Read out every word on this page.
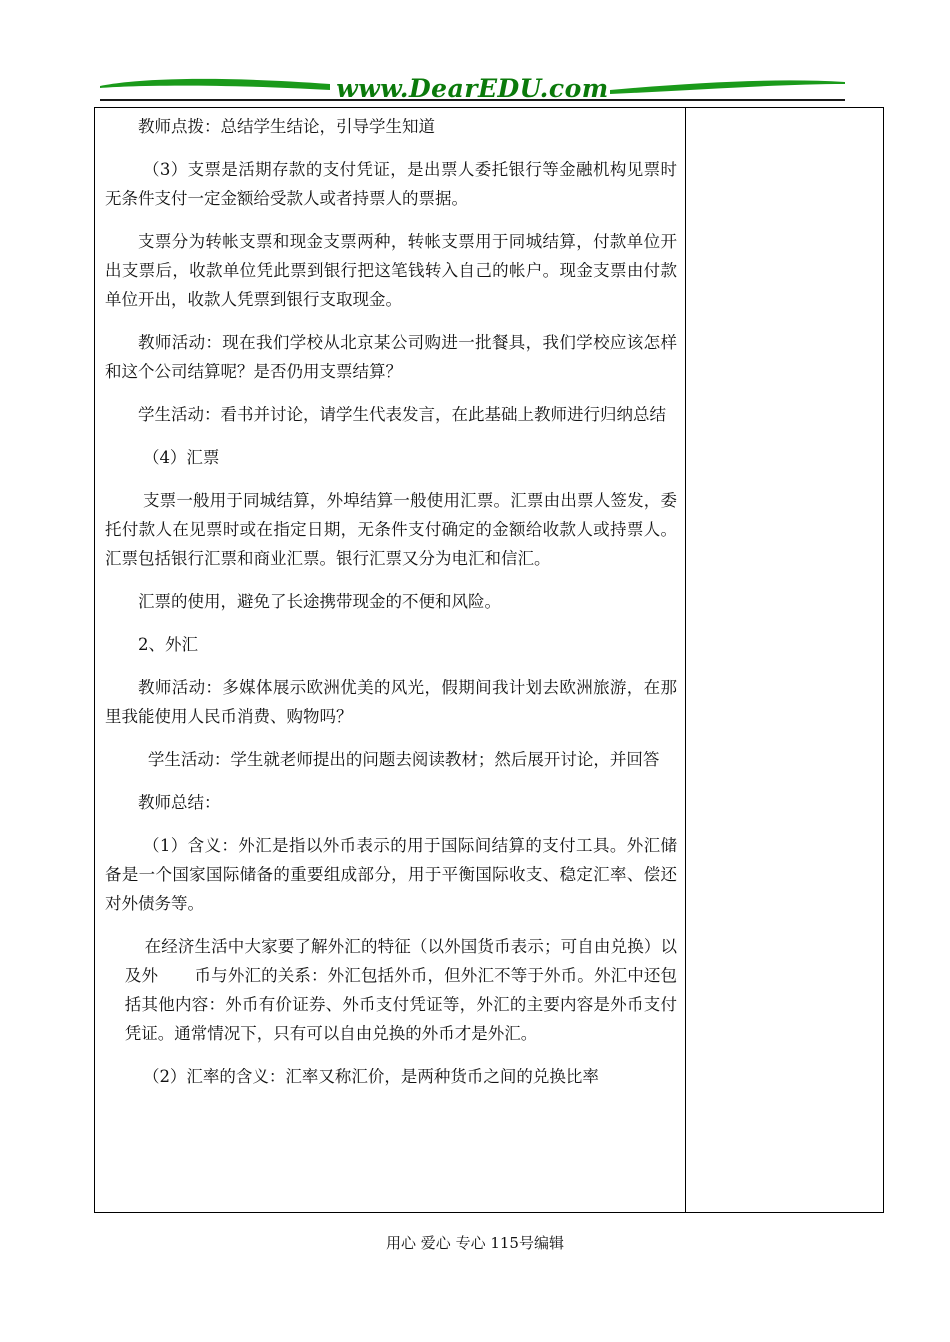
www.DearEDU.com

教师点拨：总结学生结论，引导学生知道

（3）支票是活期存款的支付凭证，是出票人委托银行等金融机构见票时无条件支付一定金额给受款人或者持票人的票据。

支票分为转帐支票和现金支票两种，转帐支票用于同城结算，付款单位开出支票后，收款单位凭此票到银行把这笔钱转入自己的帐户。现金支票由付款单位开出，收款人凭票到银行支取现金。

教师活动：现在我们学校从北京某公司购进一批餐具，我们学校应该怎样和这个公司结算呢？是否仍用支票结算？

学生活动：看书并讨论，请学生代表发言，在此基础上教师进行归纳总结

（4）汇票

支票一般用于同城结算，外埠结算一般使用汇票。汇票由出票人签发，委托付款人在见票时或在指定日期，无条件支付确定的金额给收款人或持票人。汇票包括银行汇票和商业汇票。银行汇票又分为电汇和信汇。

汇票的使用，避免了长途携带现金的不便和风险。

2、外汇

教师活动：多媒体展示欧洲优美的风光，假期间我计划去欧洲旅游，在那里我能使用人民币消费、购物吗？

学生活动：学生就老师提出的问题去阅读教材；然后展开讨论，并回答

教师总结：

（1）含义：外汇是指以外币表示的用于国际间结算的支付工具。外汇储备是一个国家国际储备的重要组成部分，用于平衡国际收支、稳定汇率、偿还对外债务等。

在经济生活中大家要了解外汇的特征（以外国货币表示；可自由兑换）以及外 币与外汇的关系：外汇包括外币，但外汇不等于外币。外汇中还包括其他内容：外币有价证券、外币支付凭证等，外汇的主要内容是外币支付凭证。通常情况下，只有可以自由兑换的外币才是外汇。

（2）汇率的含义：汇率又称汇价，是两种货币之间的兑换比率

用心 爱心 专心 115号编辑
